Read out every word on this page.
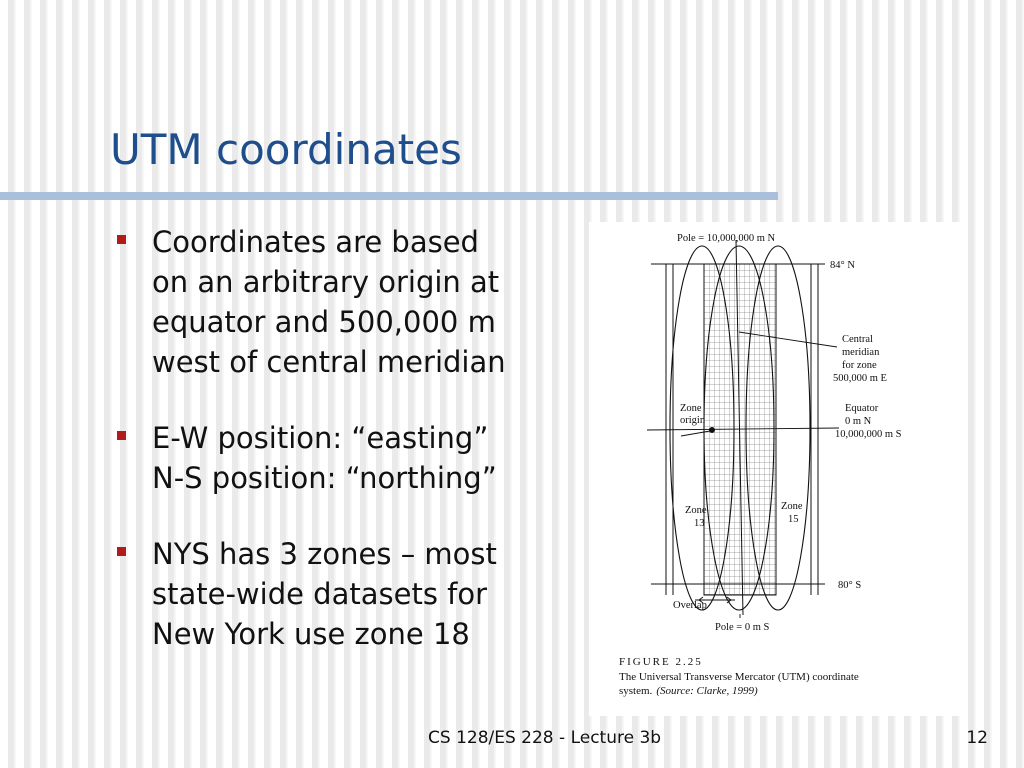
UTM coordinates
Coordinates are based
on an arbitrary origin at
equator and 500,000 m
west of central meridian
E-W position: “easting”
N-S position: “northing”
NYS has 3 zones – most
state-wide datasets for
New York use zone 18
Pole = 10,000,000 m N
84° N
Central
meridian
for zone
500,000 m E
Zone
origin
Equator
0 m N
10,000,000 m S
Zone
13
Zone
15
80° S
Overlap
Pole = 0 m S
FIGURE 2.25
The Universal Transverse Mercator (UTM) coordinate
system. (Source: Clarke, 1999)
CS 128/ES 228 - Lecture 3b	12
